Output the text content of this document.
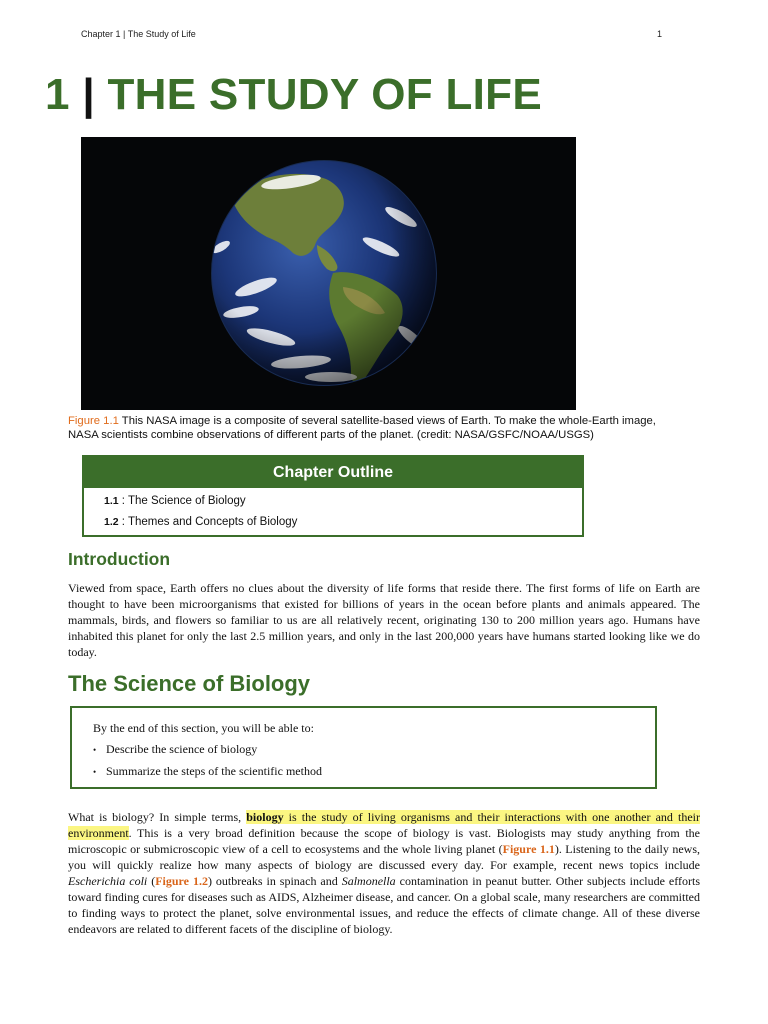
Chapter 1 | The Study of Life	1
1 | THE STUDY OF LIFE
Figure 1.1 This NASA image is a composite of several satellite-based views of Earth. To make the whole-Earth image, NASA scientists combine observations of different parts of the planet. (credit: NASA/GSFC/NOAA/USGS)
Chapter Outline
1.1 : The Science of Biology
1.2 : Themes and Concepts of Biology
Introduction

Viewed from space, Earth offers no clues about the diversity of life forms that reside there. The first forms of life on Earth are thought to have been microorganisms that existed for billions of years in the ocean before plants and animals appeared. The mammals, birds, and flowers so familiar to us are all relatively recent, originating 130 to 200 million years ago. Humans have inhabited this planet for only the last 2.5 million years, and only in the last 200,000 years have humans started looking like we do today.

The Science of Biology
By the end of this section, you will be able to:
• Describe the science of biology
• Summarize the steps of the scientific method

What is biology? In simple terms, biology is the study of living organisms and their interactions with one another and their environment. This is a very broad definition because the scope of biology is vast. Biologists may study anything from the microscopic or submicroscopic view of a cell to ecosystems and the whole living planet (Figure 1.1). Listening to the daily news, you will quickly realize how many aspects of biology are discussed every day. For example, recent news topics include Escherichia coli (Figure 1.2) outbreaks in spinach and Salmonella contamination in peanut butter. Other subjects include efforts toward finding cures for diseases such as AIDS, Alzheimer disease, and cancer. On a global scale, many researchers are committed to finding ways to protect the planet, solve environmental issues, and reduce the effects of climate change. All of these diverse endeavors are related to different facets of the discipline of biology.
